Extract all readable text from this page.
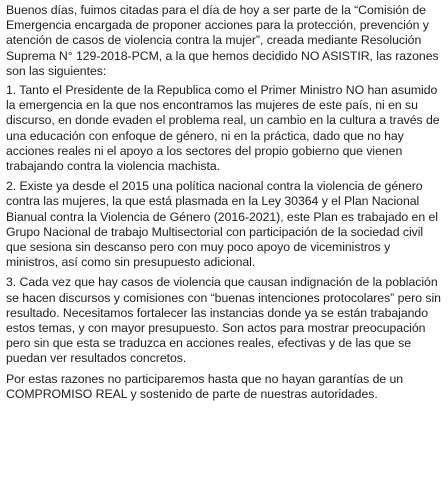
Buenos días, fuimos citadas para el día de hoy a ser parte de la “Comisión de Emergencia encargada de proponer acciones para la protección, prevención y atención de casos de violencia contra la mujer”, creada mediante Resolución Suprema N° 129-2018-PCM, a la que hemos decidido NO ASISTIR, las razones son las siguientes:

1. Tanto el Presidente de la Republica como el Primer Ministro NO han asumido la emergencia en la que nos encontramos las mujeres de este país, ni en su discurso, en donde evaden el problema real, un cambio en la cultura a través de una educación con enfoque de género, ni en la práctica, dado que no hay acciones reales ni el apoyo a los sectores del propio gobierno que vienen trabajando contra la violencia machista.

2. Existe ya desde el 2015 una política nacional contra la violencia de género contra las mujeres, la que está plasmada en la Ley 30364 y el Plan Nacional Bianual contra la Violencia de Género (2016-2021), este Plan es trabajado en el Grupo Nacional de trabajo Multisectorial con participación de la sociedad civil que sesiona sin descanso pero con muy poco apoyo de viceministros y ministros, así como sin presupuesto adicional.

3. Cada vez que hay casos de violencia que causan indignación de la población se hacen discursos y comisiones con “buenas intenciones protocolares” pero sin resultado. Necesitamos fortalecer las instancias donde ya se están trabajando estos temas, y con mayor presupuesto. Son actos para mostrar preocupación pero sin que esta se traduzca en acciones reales, efectivas y de las que se puedan ver resultados concretos.

Por estas razones no participaremos hasta que no hayan garantías de un COMPROMISO REAL y sostenido de parte de nuestras autoridades.
